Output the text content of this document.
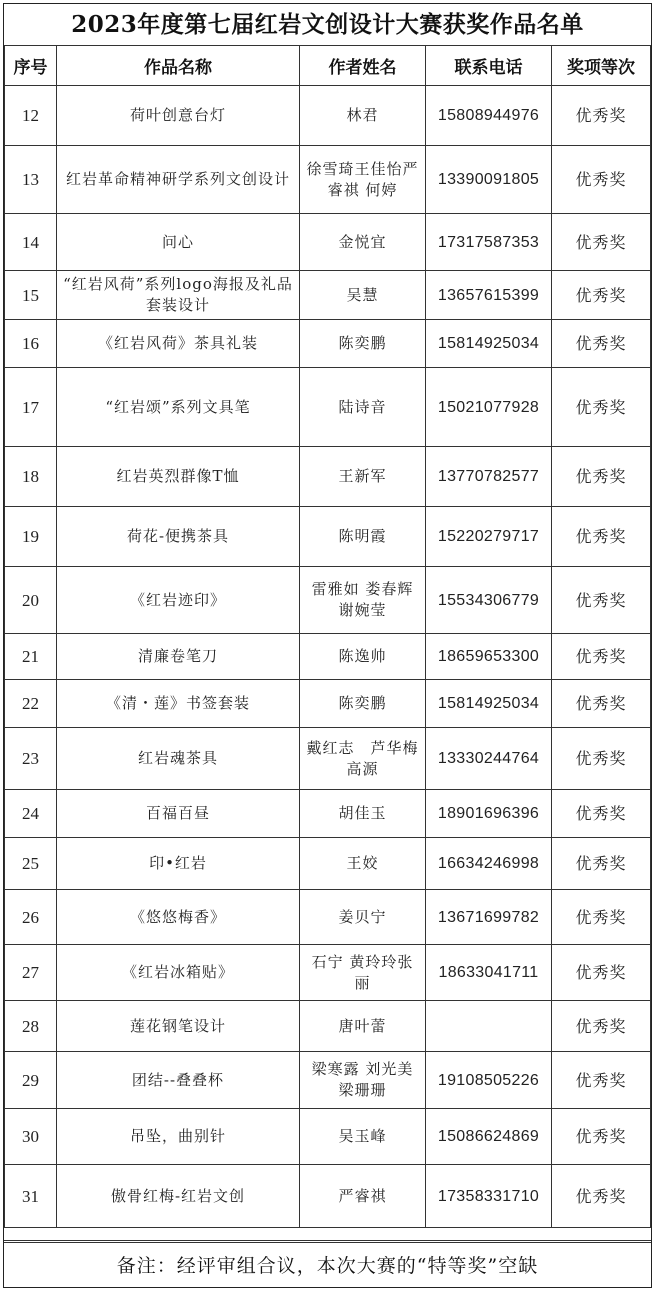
2023年度第七届红岩文创设计大赛获奖作品名单
序号	作品名称	作者姓名	联系电话	奖项等次
12	荷叶创意台灯	林君	15808944976	优秀奖
13	红岩革命精神研学系列文创设计	徐雪琦王佳怡严睿祺 何婷	13390091805	优秀奖
14	问心	金悦宜	17317587353	优秀奖
15	“红岩风荷”系列logo海报及礼品套装设计	吴慧	13657615399	优秀奖
16	《红岩风荷》茶具礼装	陈奕鹏	15814925034	优秀奖
17	“红岩颂”系列文具笔	陆诗音	15021077928	优秀奖
18	红岩英烈群像T恤	王新军	13770782577	优秀奖
19	荷花-便携茶具	陈明霞	15220279717	优秀奖
20	《红岩迹印》	雷雅如 娄春辉谢婉莹	15534306779	优秀奖
21	清廉卷笔刀	陈逸帅	18659653300	优秀奖
22	《清・莲》书签套装	陈奕鹏	15814925034	优秀奖
23	红岩魂茶具	戴红志　芦华梅高源	13330244764	优秀奖
24	百福百昼	胡佳玉	18901696396	优秀奖
25	印•红岩	王姣	16634246998	优秀奖
26	《悠悠梅香》	姜贝宁	13671699782	优秀奖
27	《红岩冰箱贴》	石宁 黄玲玲张丽	18633041711	优秀奖
28	莲花钢笔设计	唐叶蕾		优秀奖
29	团结--叠叠杯	梁寒露 刘光美梁珊珊	19108505226	优秀奖
30	吊坠，曲别针	吴玉峰	15086624869	优秀奖
31	傲骨红梅-红岩文创	严睿祺	17358331710	优秀奖
备注：经评审组合议，本次大赛的“特等奖”空缺
